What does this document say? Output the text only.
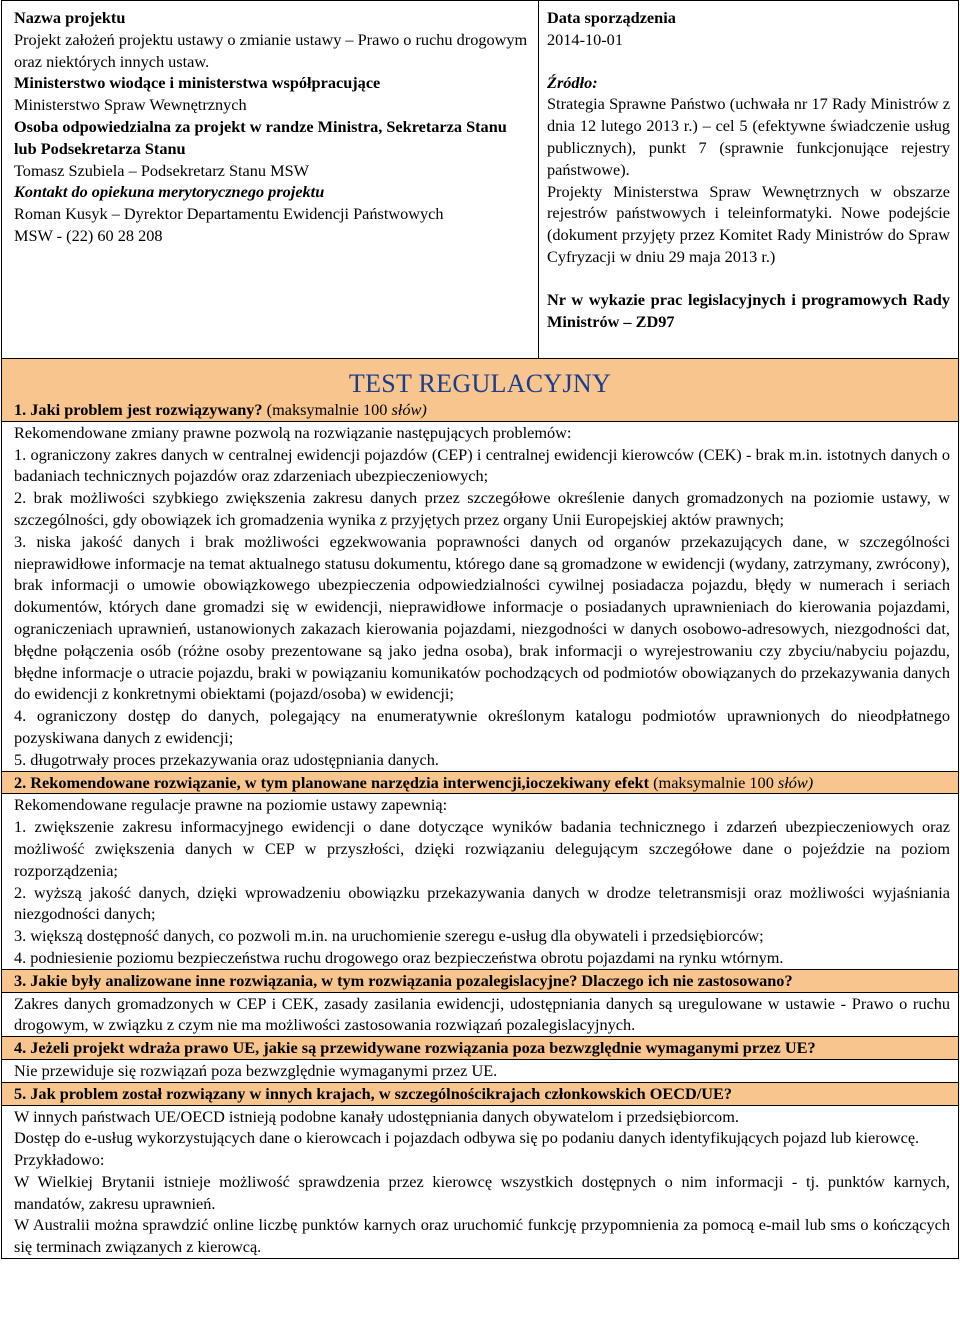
Nazwa projektu
Projekt założeń projektu ustawy o zmianie ustawy – Prawo o ruchu drogowym oraz niektórych innych ustaw.
Ministerstwo wiodące i ministerstwa współpracujące
Ministerstwo Spraw Wewnętrznych
Osoba odpowiedzialna za projekt w randze Ministra, Sekretarza Stanu lub Podsekretarza Stanu
Tomasz Szubiela – Podsekretarz Stanu MSW
Kontakt do opiekuna merytorycznego projektu
Roman Kusyk – Dyrektor Departamentu Ewidencji Państwowych
MSW - (22) 60 28 208
Data sporządzenia
2014-10-01
Źródło:
Strategia Sprawne Państwo (uchwała nr 17 Rady Ministrów z dnia 12 lutego 2013 r.) – cel 5 (efektywne świadczenie usług publicznych), punkt 7 (sprawnie funkcjonujące rejestry państwowe).
Projekty Ministerstwa Spraw Wewnętrznych w obszarze rejestrów państwowych i teleinformatyki. Nowe podejście (dokument przyjęty przez Komitet Rady Ministrów do Spraw Cyfryzacji w dniu 29 maja 2013 r.)
Nr w wykazie prac legislacyjnych i programowych Rady Ministrów – ZD97
TEST REGULACYJNY
1. Jaki problem jest rozwiązywany? (maksymalnie 100 słów)

Rekomendowane zmiany prawne pozwolą na rozwiązanie następujących problemów:

1. ograniczony zakres danych w centralnej ewidencji pojazdów (CEP) i centralnej ewidencji kierowców (CEK) - brak m.in. istotnych danych o badaniach technicznych pojazdów oraz zdarzeniach ubezpieczeniowych;

2. brak możliwości szybkiego zwiększenia zakresu danych przez szczegółowe określenie danych gromadzonych na poziomie ustawy, w szczególności, gdy obowiązek ich gromadzenia wynika z przyjętych przez organy Unii Europejskiej aktów prawnych;

3. niska jakość danych i brak możliwości egzekwowania poprawności danych od organów przekazujących dane, w szczególności nieprawidłowe informacje na temat aktualnego statusu dokumentu, którego dane są gromadzone w ewidencji (wydany, zatrzymany, zwrócony), brak informacji o umowie obowiązkowego ubezpieczenia odpowiedzialności cywilnej posiadacza pojazdu, błędy w numerach i seriach dokumentów, których dane gromadzi się w ewidencji, nieprawidłowe informacje o posiadanych uprawnieniach do kierowania pojazdami, ograniczeniach uprawnień, ustanowionych zakazach kierowania pojazdami, niezgodności w danych osobowo-adresowych, niezgodności dat, błędne połączenia osób (różne osoby prezentowane są jako jedna osoba), brak informacji o wyrejestrowaniu czy zbyciu/nabyciu pojazdu, błędne informacje o utracie pojazdu, braki w powiązaniu komunikatów pochodzących od podmiotów obowiązanych do przekazywania danych do ewidencji z konkretnymi obiektami (pojazd/osoba) w ewidencji;

4. ograniczony dostęp do danych, polegający na enumeratywnie określonym katalogu podmiotów uprawnionych do nieodpłatnego pozyskiwana danych z ewidencji;

5. długotrwały proces przekazywania oraz udostępniania danych.

2. Rekomendowane rozwiązanie, w tym planowane narzędzia interwencji,ioczekiwany efekt (maksymalnie 100 słów)

Rekomendowane regulacje prawne na poziomie ustawy zapewnią:

1. zwiększenie zakresu informacyjnego ewidencji o dane dotyczące wyników badania technicznego i zdarzeń ubezpieczeniowych oraz możliwość zwiększenia danych w CEP w przyszłości, dzięki rozwiązaniu delegującym szczegółowe dane o pojeździe na poziom rozporządzenia;

2. wyższą jakość danych, dzięki wprowadzeniu obowiązku przekazywania danych w drodze teletransmisji oraz możliwości wyjaśniania niezgodności danych;

3. większą dostępność danych, co pozwoli m.in. na uruchomienie szeregu e-usług dla obywateli i przedsiębiorców;

4. podniesienie poziomu bezpieczeństwa ruchu drogowego oraz bezpieczeństwa obrotu pojazdami na rynku wtórnym.

3. Jakie były analizowane inne rozwiązania, w tym rozwiązania pozalegislacyjne? Dlaczego ich nie zastosowano?

Zakres danych gromadzonych w CEP i CEK, zasady zasilania ewidencji, udostępniania danych są uregulowane w ustawie - Prawo o ruchu drogowym, w związku z czym nie ma możliwości zastosowania rozwiązań pozalegislacyjnych.

4. Jeżeli projekt wdraża prawo UE, jakie są przewidywane rozwiązania poza bezwzględnie wymaganymi przez UE?

Nie przewiduje się rozwiązań poza bezwzględnie wymaganymi przez UE.

5. Jak problem został rozwiązany w innych krajach, w szczególnościkrajach członkowskich OECD/UE?

W innych państwach UE/OECD istnieją podobne kanały udostępniania danych obywatelom i przedsiębiorcom.

Dostęp do e-usług wykorzystujących dane o kierowcach i pojazdach odbywa się po podaniu danych identyfikujących pojazd lub kierowcę.

Przykładowo:

W Wielkiej Brytanii istnieje możliwość sprawdzenia przez kierowcę wszystkich dostępnych o nim informacji - tj. punktów karnych, mandatów, zakresu uprawnień.

W Australii można sprawdzić online liczbę punktów karnych oraz uruchomić funkcję przypomnienia za pomocą e-mail lub sms o kończących się terminach związanych z kierowcą.
